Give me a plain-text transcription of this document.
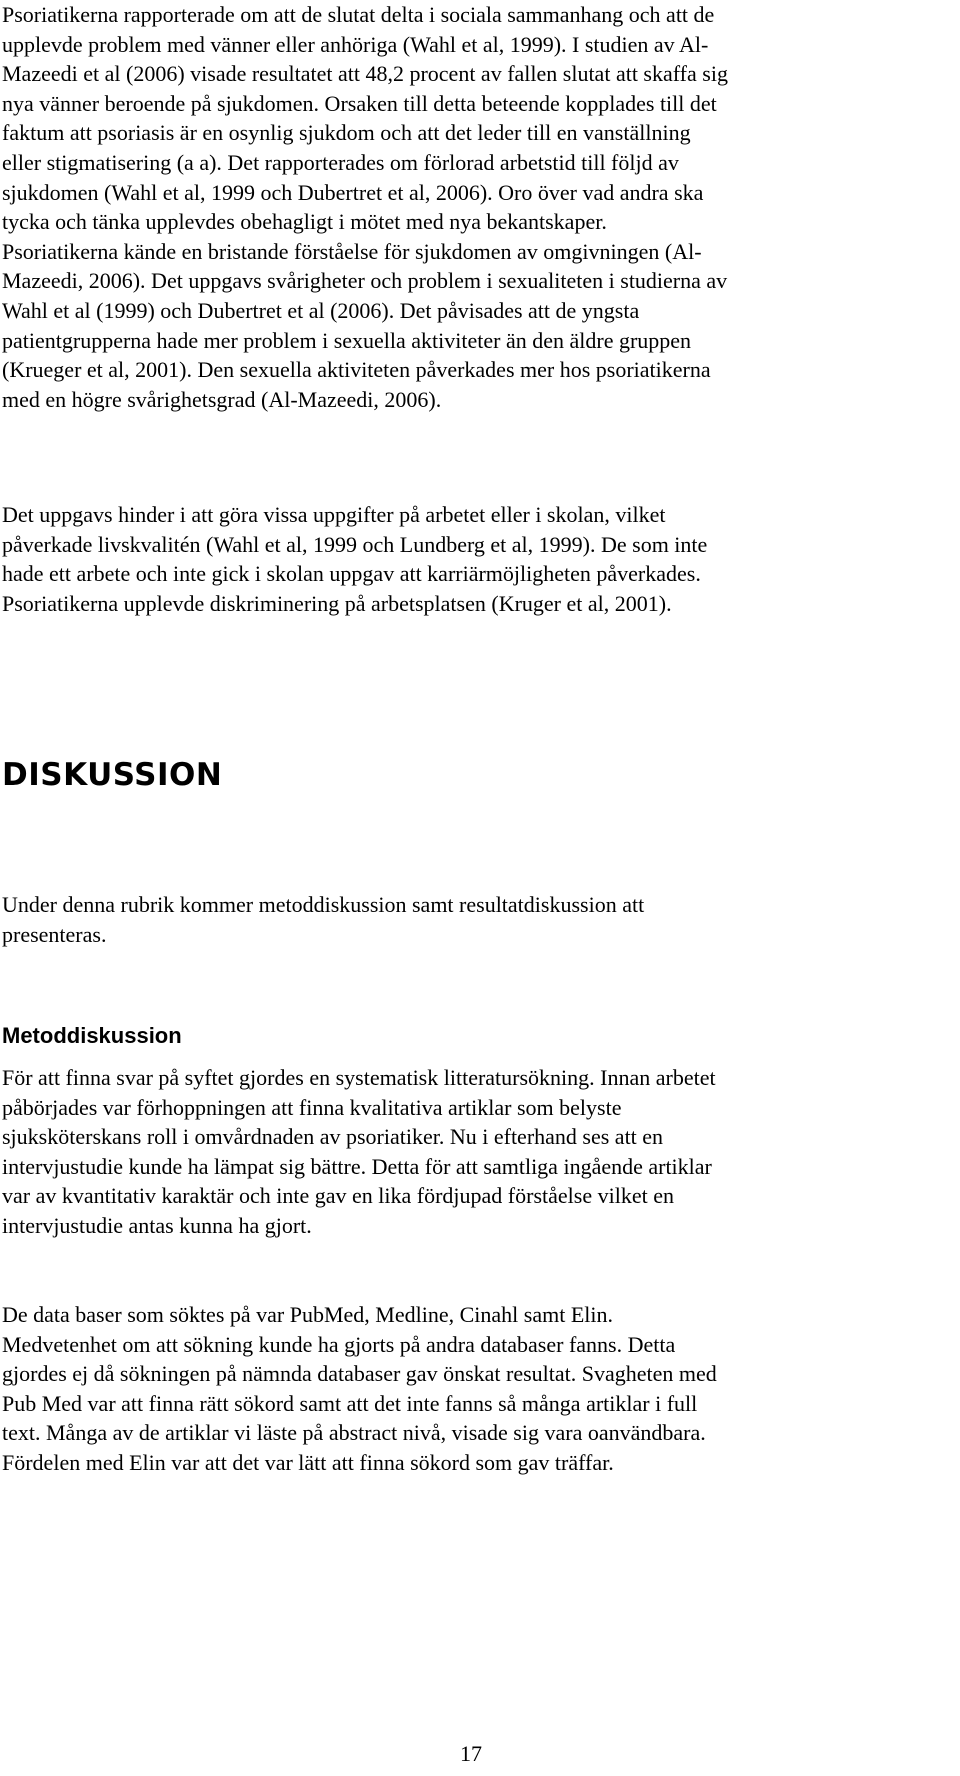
Psoriatikerna rapporterade om att de slutat delta i sociala sammanhang och att de
upplevde problem med vänner eller anhöriga (Wahl et al, 1999). I studien av Al-
Mazeedi et al (2006) visade resultatet att 48,2 procent av fallen slutat att skaffa sig
nya vänner beroende på sjukdomen. Orsaken till detta beteende kopplades till det
faktum att psoriasis är en osynlig sjukdom och att det leder till en vanställning
eller stigmatisering (a a). Det rapporterades om förlorad arbetstid till följd av
sjukdomen (Wahl et al, 1999 och Dubertret et al, 2006). Oro över vad andra ska
tycka och tänka upplevdes obehagligt i mötet med nya bekantskaper.
Psoriatikerna kände en bristande förståelse för sjukdomen av omgivningen (Al-
Mazeedi, 2006). Det uppgavs svårigheter och problem i sexualiteten i studierna av
Wahl et al (1999) och Dubertret et al (2006). Det påvisades att de yngsta
patientgrupperna hade mer problem i sexuella aktiviteter än den äldre gruppen
(Krueger et al, 2001). Den sexuella aktiviteten påverkades mer hos psoriatikerna
med en högre svårighetsgrad (Al-Mazeedi, 2006).
Det uppgavs hinder i att göra vissa uppgifter på arbetet eller i skolan, vilket
påverkade livskvalitén (Wahl et al, 1999 och Lundberg et al, 1999). De som inte
hade ett arbete och inte gick i skolan uppgav att karriärmöjligheten påverkades.
Psoriatikerna upplevde diskriminering på arbetsplatsen (Kruger et al, 2001).
DISKUSSION
Under denna rubrik kommer metoddiskussion samt resultatdiskussion att
presenteras.
Metoddiskussion
För att finna svar på syftet gjordes en systematisk litteratursökning. Innan arbetet
påbörjades var förhoppningen att finna kvalitativa artiklar som belyste
sjuksköterskans roll i omvårdnaden av psoriatiker. Nu i efterhand ses att en
intervjustudie kunde ha lämpat sig bättre. Detta för att samtliga ingående artiklar
var av kvantitativ karaktär och inte gav en lika fördjupad förståelse vilket en
intervjustudie antas kunna ha gjort.
De data baser som söktes på var PubMed, Medline, Cinahl samt Elin.
Medvetenhet om att sökning kunde ha gjorts på andra databaser fanns. Detta
gjordes ej då sökningen på nämnda databaser gav önskat resultat. Svagheten med
Pub Med var att finna rätt sökord samt att det inte fanns så många artiklar i full
text. Många av de artiklar vi läste på abstract nivå, visade sig vara oanvändbara.
Fördelen med Elin var att det var lätt att finna sökord som gav träffar.
17
